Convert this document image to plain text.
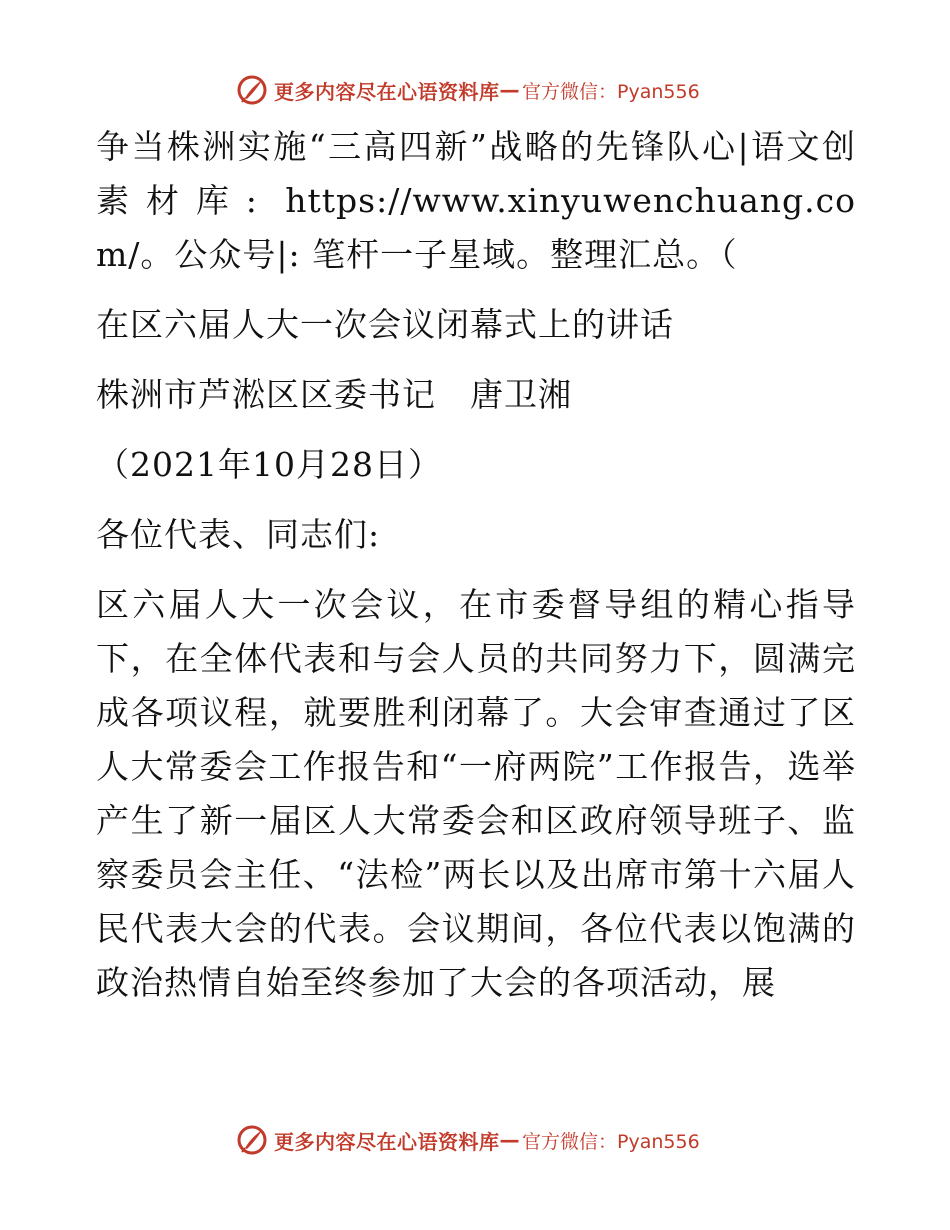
更多内容尽在心语资料库 — 官方微信：Pyan556

争当株洲实施“三高四新”战略的先锋队心|语文创素材库: https://www.xinyuwenchuang.com/。公众号|: 笔杆一子星域。整理汇总。（

在区六届人大一次会议闭幕式上的讲话

株洲市芦淞区区委书记　唐卫湘

（2021年10月28日）

各位代表、同志们:

区六届人大一次会议，在市委督导组的精心指导下，在全体代表和与会人员的共同努力下，圆满完成各项议程，就要胜利闭幕了。大会审查通过了区人大常委会工作报告和“一府两院”工作报告，选举产生了新一届区人大常委会和区政府领导班子、监察委员会主任、“法检”两长以及出席市第十六届人民代表大会的代表。会议期间，各位代表以饱满的政治热情自始至终参加了大会的各项活动，展

更多内容尽在心语资料库 — 官方微信：Pyan556
